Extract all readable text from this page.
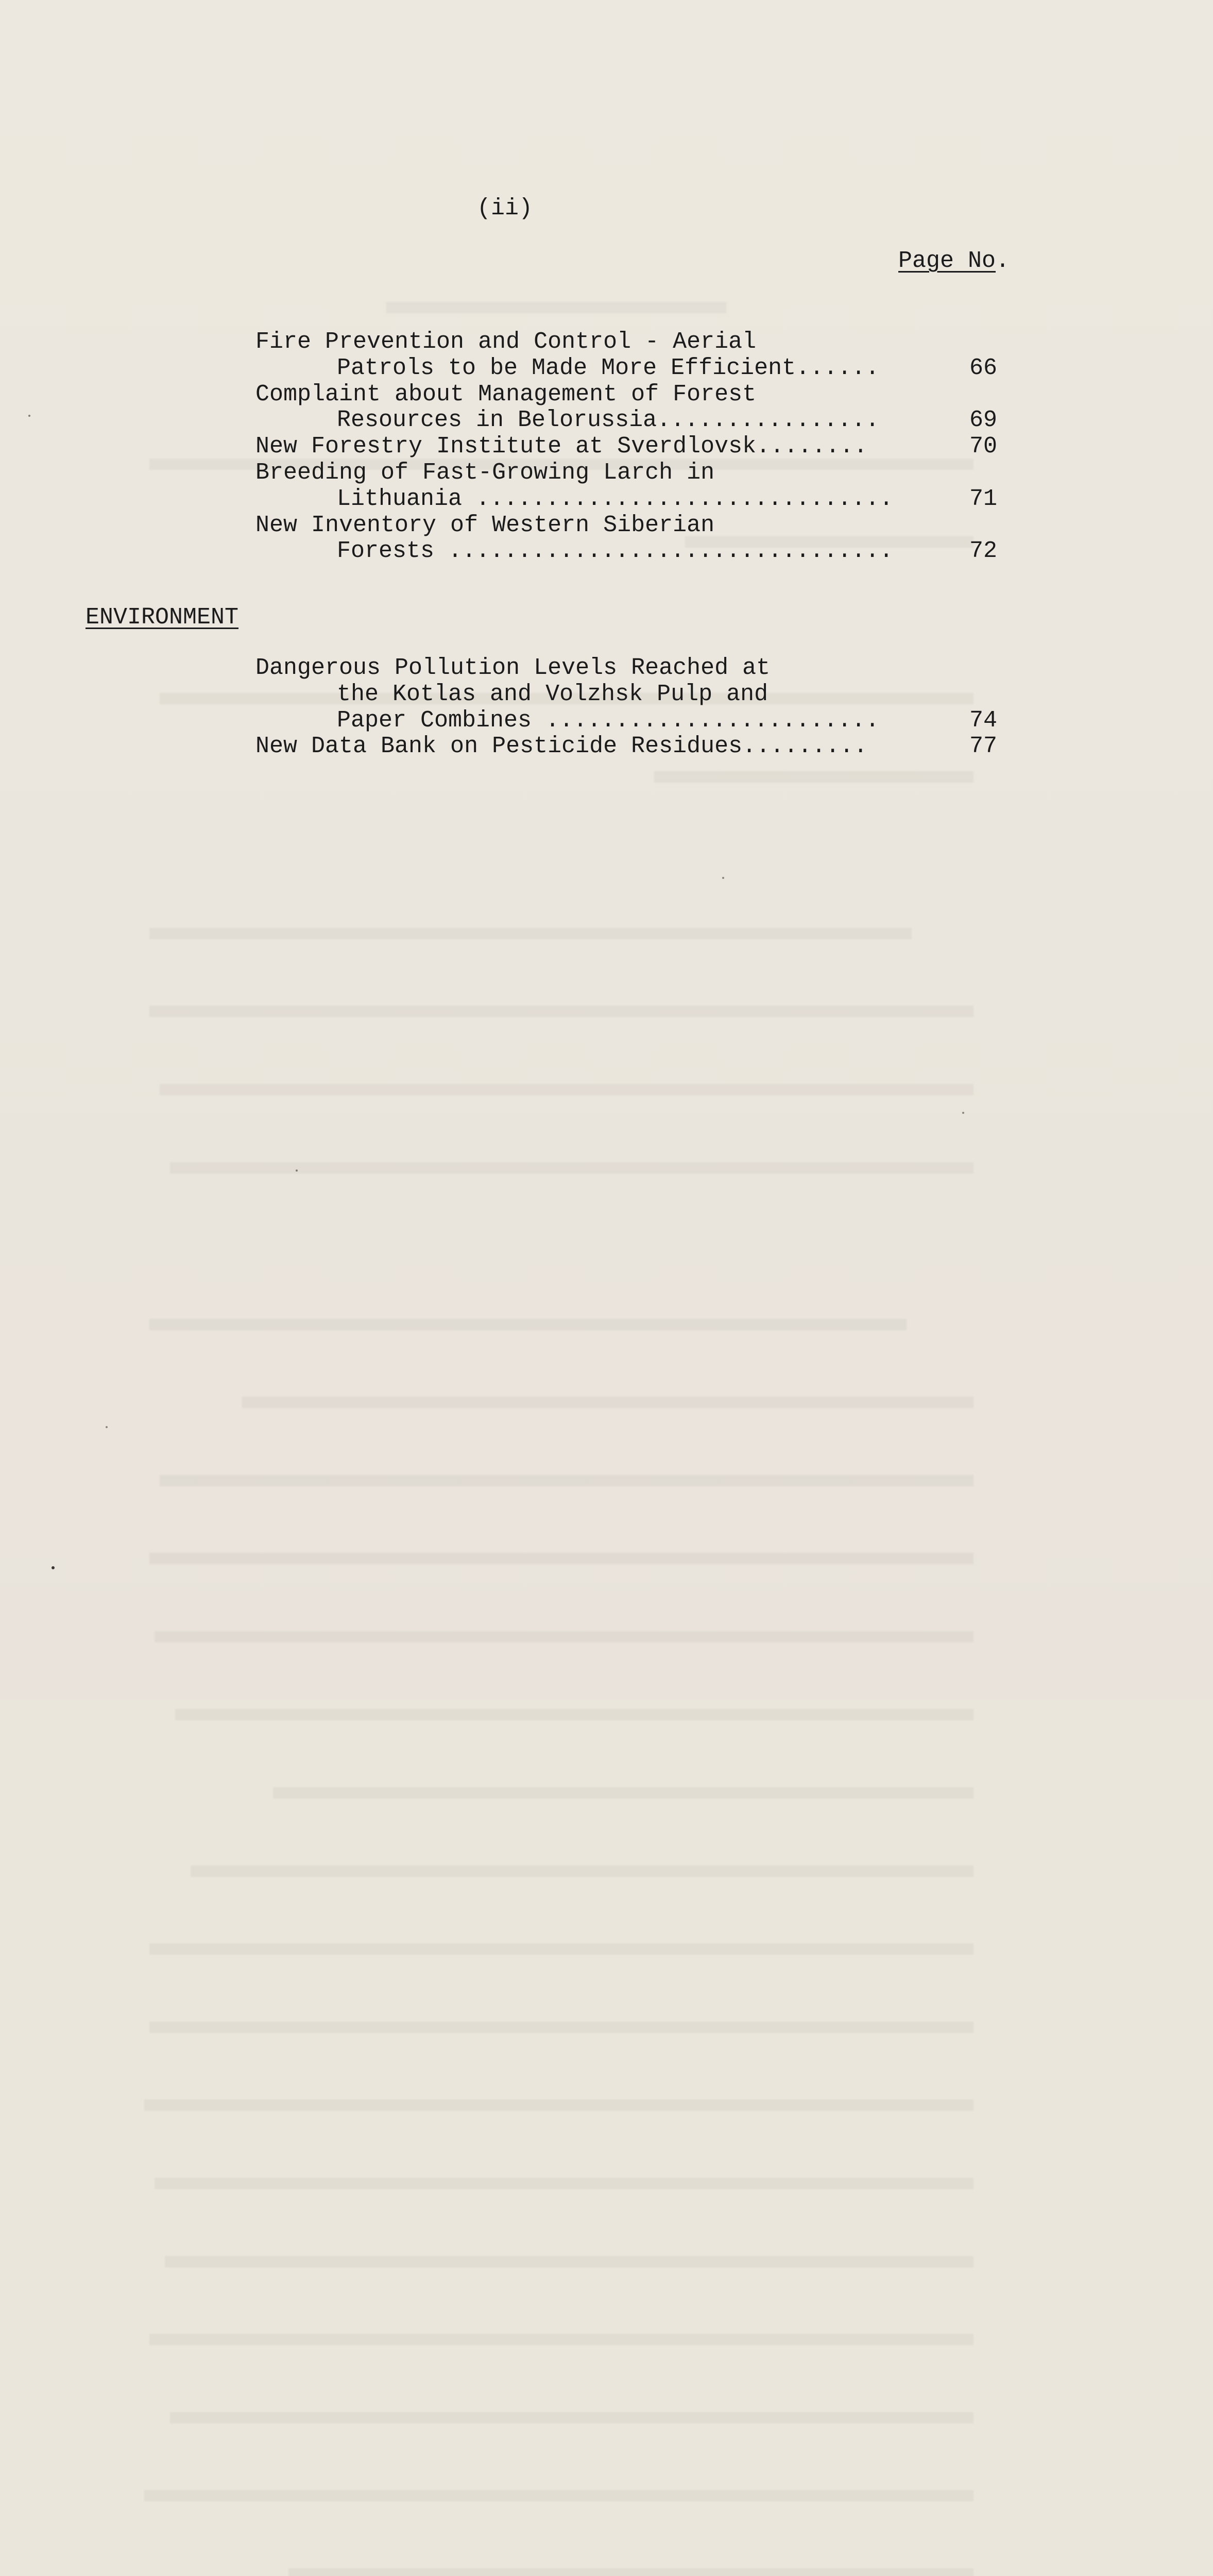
(ii)
Page No.
Fire Prevention and Control - Aerial
Patrols to be Made More Efficient......	66
Complaint about Management of Forest
Resources in Belorussia................	69
New Forestry Institute at Sverdlovsk........	70
Breeding of Fast-Growing Larch in
Lithuania ..............................	71
New Inventory of Western Siberian
Forests ................................	72
ENVIRONMENT
Dangerous Pollution Levels Reached at
the Kotlas and Volzhsk Pulp and
Paper Combines ........................	74
New Data Bank on Pesticide Residues.........	77
